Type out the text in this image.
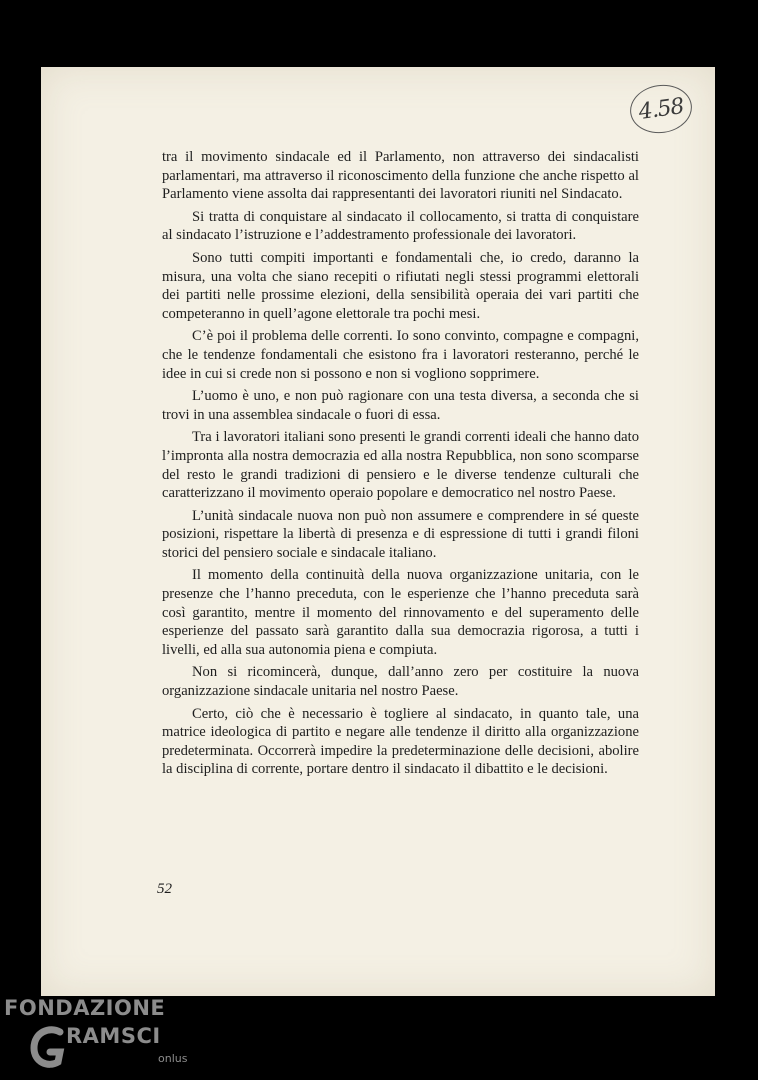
4.58

tra il movimento sindacale ed il Parlamento, non attraverso dei sindacalisti parlamentari, ma attraverso il riconoscimento della funzione che anche rispetto al Parlamento viene assolta dai rappresentanti dei lavoratori riuniti nel Sindacato.

Si tratta di conquistare al sindacato il collocamento, si tratta di conquistare al sindacato l’istruzione e l’addestramento professionale dei lavoratori.

Sono tutti compiti importanti e fondamentali che, io credo, daranno la misura, una volta che siano recepiti o rifiutati negli stessi programmi elettorali dei partiti nelle prossime elezioni, della sensibilità operaia dei vari partiti che competeranno in quell’agone elettorale tra pochi mesi.

C’è poi il problema delle correnti. Io sono convinto, compagne e compagni, che le tendenze fondamentali che esistono fra i lavoratori resteranno, perché le idee in cui si crede non si possono e non si vogliono sopprimere.

L’uomo è uno, e non può ragionare con una testa diversa, a seconda che si trovi in una assemblea sindacale o fuori di essa.

Tra i lavoratori italiani sono presenti le grandi correnti ideali che hanno dato l’impronta alla nostra democrazia ed alla nostra Repubblica, non sono scomparse del resto le grandi tradizioni di pensiero e le diverse tendenze culturali che caratterizzano il movimento operaio popolare e democratico nel nostro Paese.

L’unità sindacale nuova non può non assumere e comprendere in sé queste posizioni, rispettare la libertà di presenza e di espressione di tutti i grandi filoni storici del pensiero sociale e sindacale italiano.

Il momento della continuità della nuova organizzazione unitaria, con le presenze che l’hanno preceduta, con le esperienze che l’hanno preceduta sarà così garantito, mentre il momento del rinnovamento e del superamento delle esperienze del passato sarà garantito dalla sua democrazia rigorosa, a tutti i livelli, ed alla sua autonomia piena e compiuta.

Non si ricomincerà, dunque, dall’anno zero per costituire la nuova organizzazione sindacale unitaria nel nostro Paese.

Certo, ciò che è necessario è togliere al sindacato, in quanto tale, una matrice ideologica di partito e negare alle tendenze il diritto alla organizzazione predeterminata. Occorrerà impedire la predeterminazione delle decisioni, abolire la disciplina di corrente, portare dentro il sindacato il dibattito e le decisioni.

52
FONDAZIONE
RAMSCI
onlus
